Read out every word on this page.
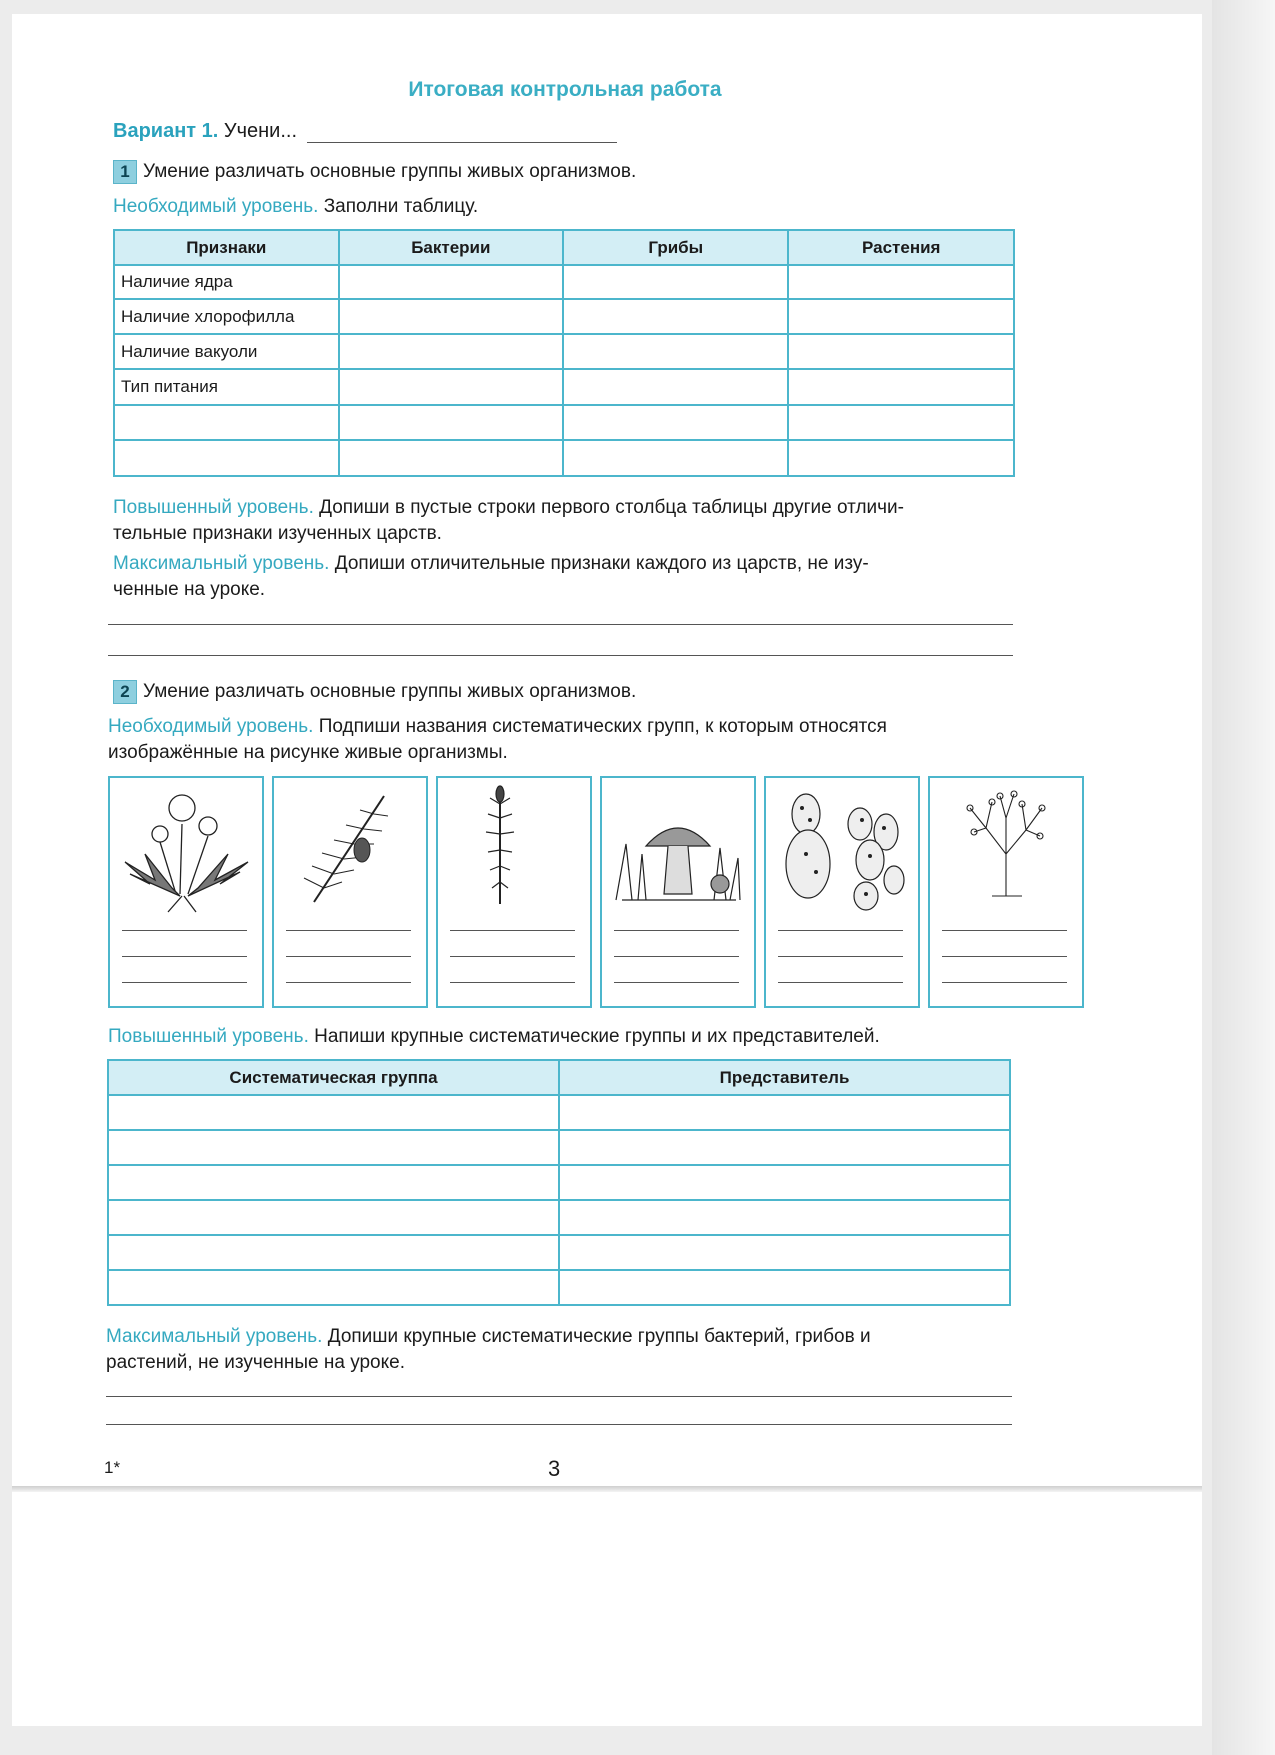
Итоговая контрольная работа
Вариант 1. Учени...
1 Умение различать основные группы живых организмов.
Необходимый уровень. Заполни таблицу.
Признаки	Бактерии	Грибы	Растения
Наличие ядра			
Наличие хлорофилла			
Наличие вакуоли			
Тип питания			

Повышенный уровень. Допиши в пустые строки первого столбца таблицы другие отличи-
тельные признаки изученных царств.
Максимальный уровень. Допиши отличительные признаки каждого из царств, не изу-
ченные на уроке.
2 Умение различать основные группы живых организмов.
Необходимый уровень. Подпиши названия систематических групп, к которым относятся
изображённые на рисунке живые организмы.
Повышенный уровень. Напиши крупные систематические группы и их представителей.
Систематическая группа	Представитель

Максимальный уровень. Допиши крупные систематические группы бактерий, грибов и
растений, не изученные на уроке.
1*	3
